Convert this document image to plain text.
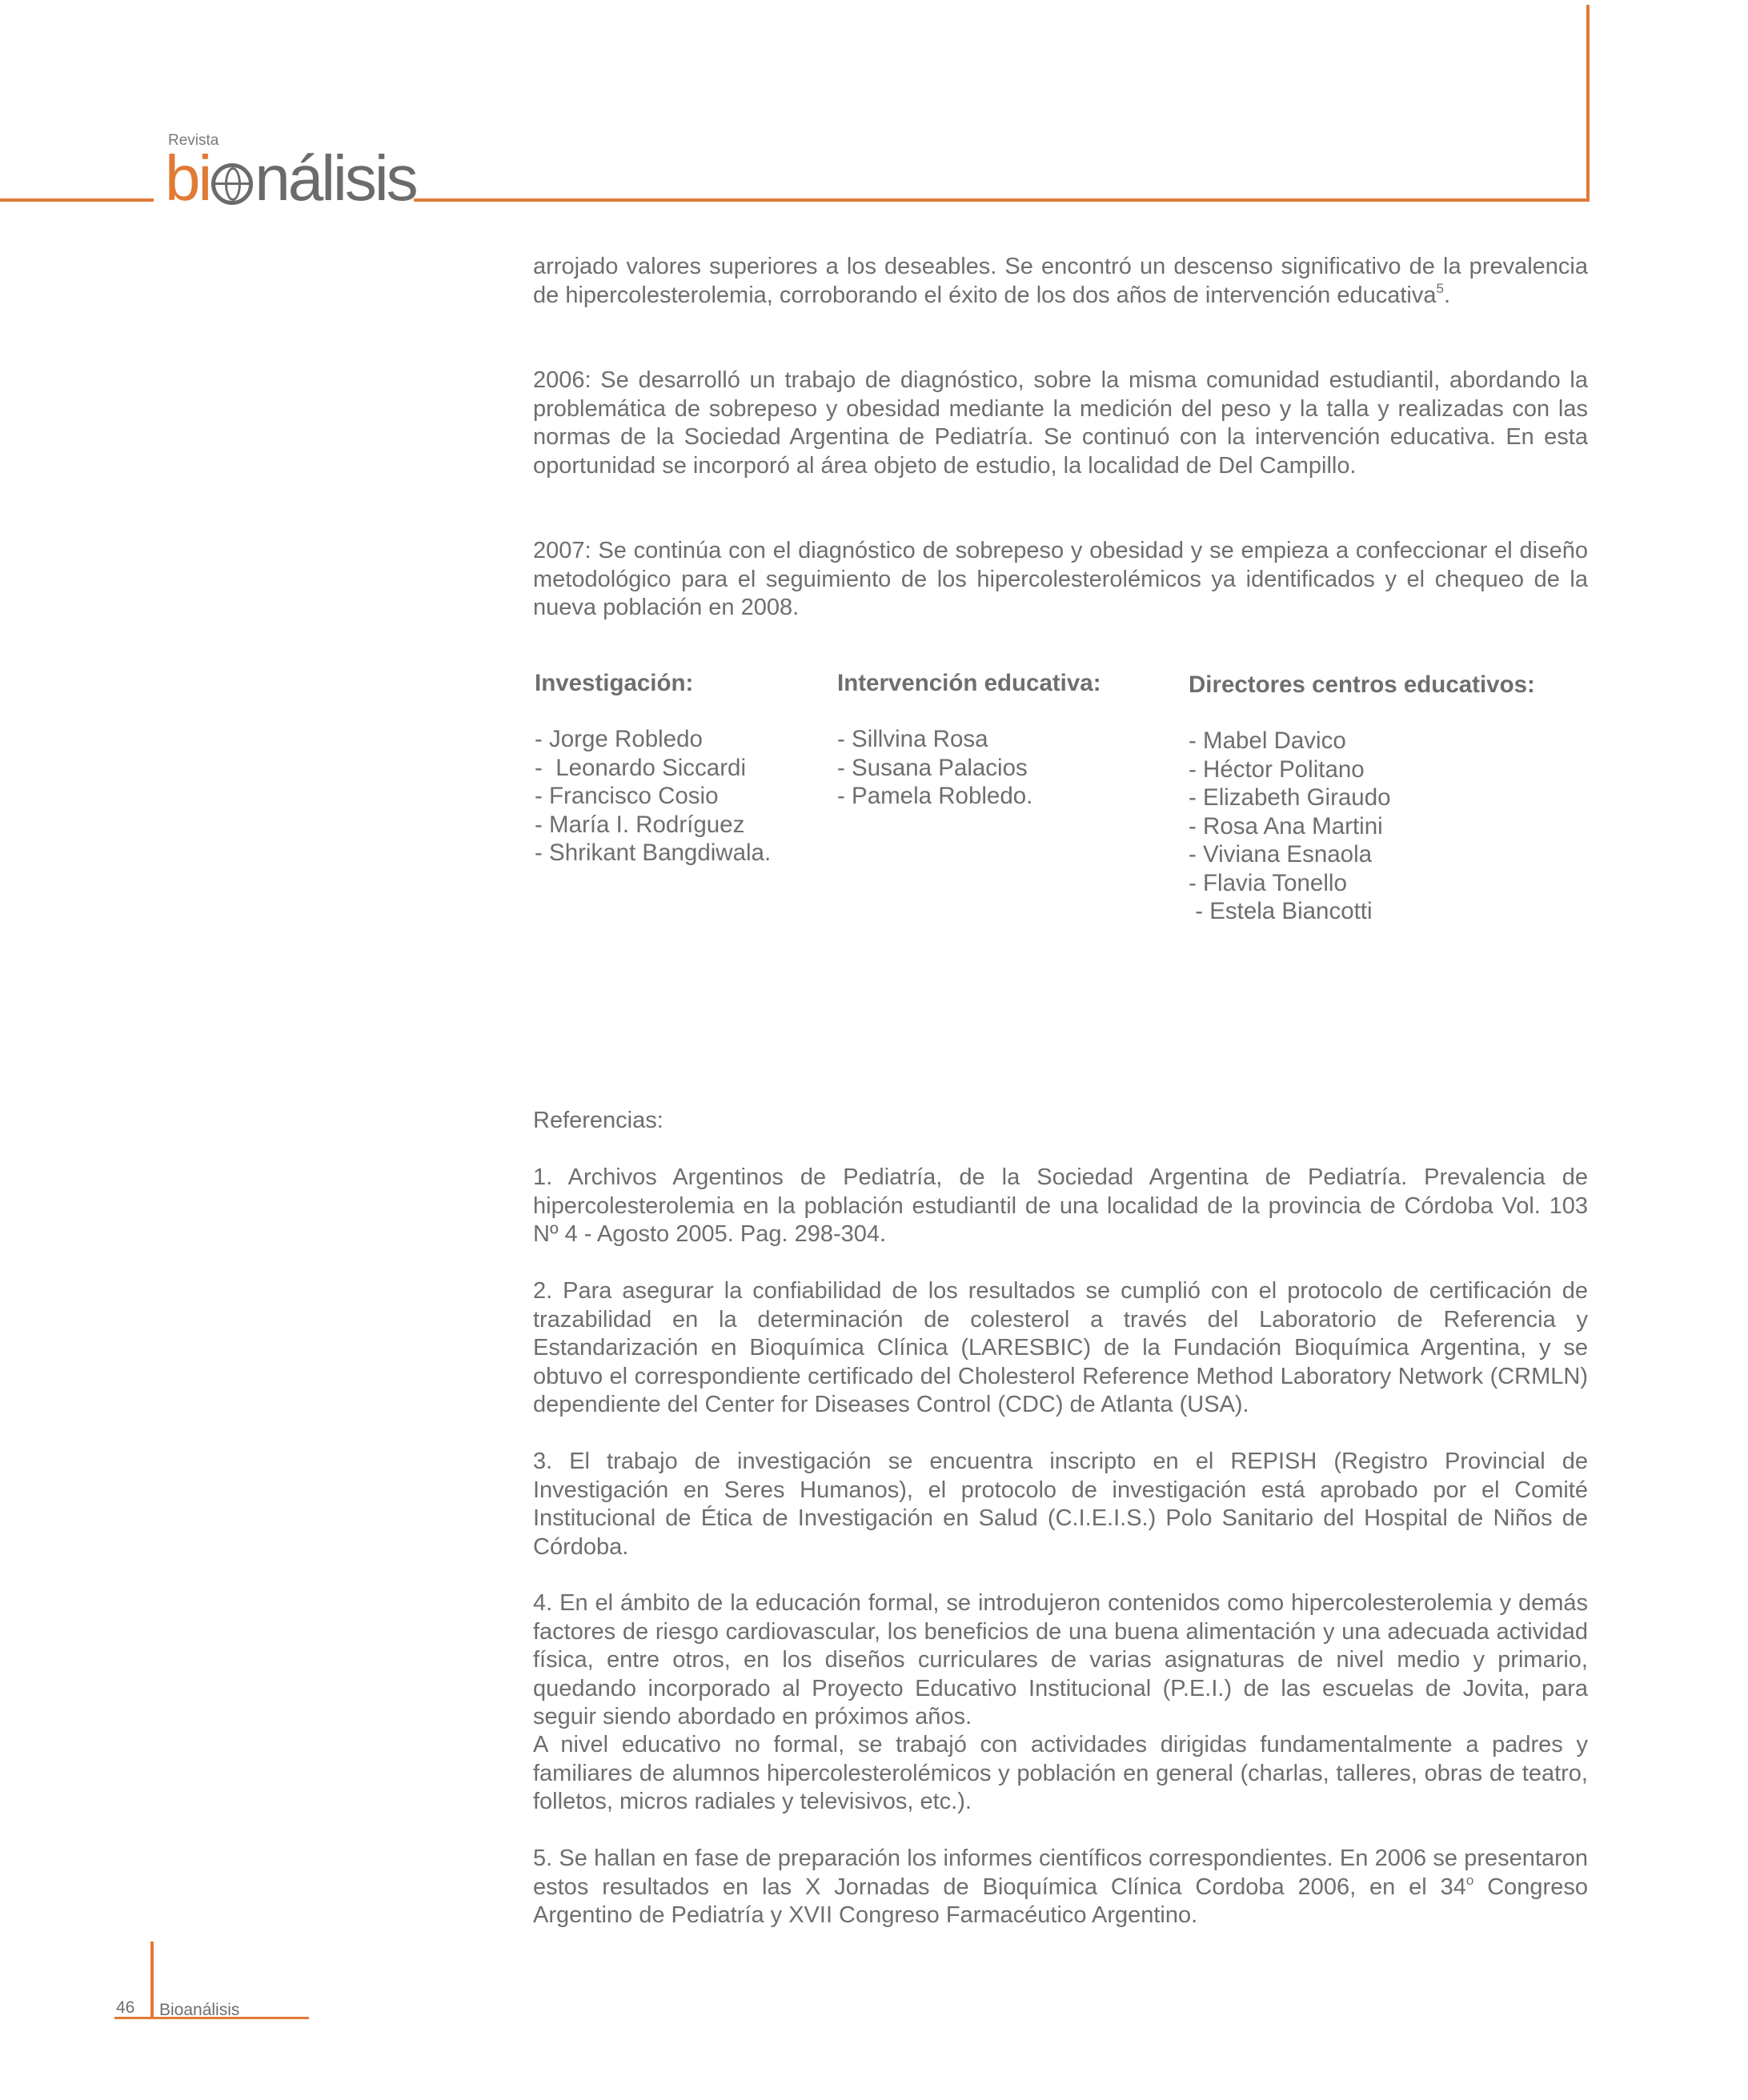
Revista
bi nálisis

arrojado valores superiores a los deseables. Se encontró un descenso significativo de la prevalencia de hipercolesterolemia, corroborando el éxito de los dos años de intervención educativa$^5$.

2006: Se desarrolló un trabajo de diagnóstico, sobre la misma comunidad estudiantil, abordando la problemática de sobrepeso y obesidad mediante la medición del peso y la talla y realizadas con las normas de la Sociedad Argentina de Pediatría. Se continuó con la intervención educativa. En esta oportunidad se incorporó al área objeto de estudio, la localidad de Del Campillo.

2007: Se continúa con el diagnóstico de sobrepeso y obesidad y se empieza a confeccionar el diseño metodológico para el seguimiento de los hipercolesterolémicos ya identificados y el chequeo de la nueva población en 2008.

Investigación:
- Jorge Robledo
-  Leonardo Siccardi
- Francisco Cosio
- María I. Rodríguez
- Shrikant Bangdiwala.
Intervención educativa:
- Sillvina Rosa
- Susana Palacios
- Pamela Robledo.
Directores centros educativos:
- Mabel Davico
- Héctor Politano
- Elizabeth Giraudo
- Rosa Ana Martini
- Viviana Esnaola
- Flavia Tonello
- Estela Biancotti
Referencias:

1. Archivos Argentinos de Pediatría, de la Sociedad Argentina de Pediatría. Prevalencia de hipercolesterolemia en la población estudiantil de una localidad de la provincia de Córdoba Vol. 103 Nº 4 - Agosto 2005. Pag. 298-304.

2. Para asegurar la confiabilidad de los resultados se cumplió con el protocolo de certificación de trazabilidad en la determinación de colesterol a través del Laboratorio de Referencia y Estandarización en Bioquímica Clínica (LARESBIC) de la Fundación Bioquímica Argentina, y se obtuvo el correspondiente certificado del Cholesterol Reference Method Laboratory Network (CRMLN) dependiente del Center for Diseases Control (CDC) de Atlanta (USA).

3. El trabajo de investigación se encuentra inscripto en el REPISH (Registro Provincial de Investigación en Seres Humanos), el protocolo de investigación está aprobado por el Comité Institucional de Ética de Investigación en Salud (C.I.E.I.S.) Polo Sanitario del Hospital de Niños de Córdoba.

4. En el ámbito de la educación formal, se introdujeron contenidos como hipercolesterolemia y demás factores de riesgo cardiovascular, los beneficios de una buena alimentación y una adecuada actividad física, entre otros, en los diseños curriculares de varias asignaturas de nivel medio y primario, quedando incorporado al Proyecto Educativo Institucional (P.E.I.) de las escuelas de Jovita, para seguir siendo abordado en próximos años.

A nivel educativo no formal, se trabajó con actividades dirigidas fundamentalmente a padres y familiares de alumnos hipercolesterolémicos y población en general (charlas, talleres, obras de teatro, folletos, micros radiales y televisivos, etc.).

5. Se hallan en fase de preparación los informes científicos correspondientes. En 2006 se presentaron estos resultados en las X Jornadas de Bioquímica Clínica Cordoba 2006, en el 34$^o$ Congreso Argentino de Pediatría y XVII Congreso Farmacéutico Argentino.

46 Bioanálisis
